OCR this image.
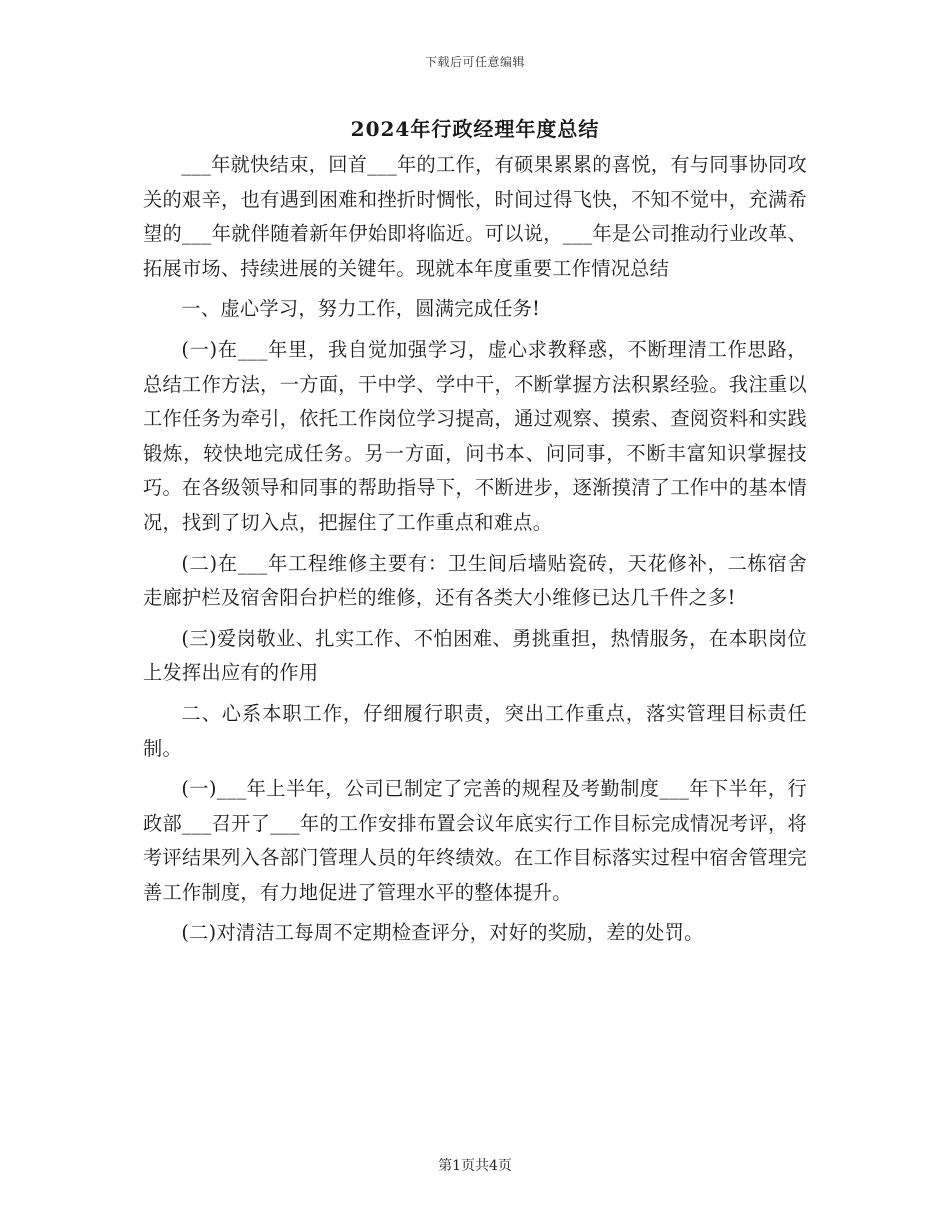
下载后可任意编辑
2024年行政经理年度总结

___年就快结束，回首___年的工作，有硕果累累的喜悦，有与同事协同攻关的艰辛，也有遇到困难和挫折时惆怅，时间过得飞快，不知不觉中，充满希望的___年就伴随着新年伊始即将临近。可以说，___年是公司推动行业改革、拓展市场、持续进展的关键年。现就本年度重要工作情况总结

一、虚心学习，努力工作，圆满完成任务!

(一)在___年里，我自觉加强学习，虚心求教释惑，不断理清工作思路，总结工作方法，一方面，干中学、学中干，不断掌握方法积累经验。我注重以工作任务为牵引，依托工作岗位学习提高，通过观察、摸索、查阅资料和实践锻炼，较快地完成任务。另一方面，问书本、问同事，不断丰富知识掌握技巧。在各级领导和同事的帮助指导下，不断进步，逐渐摸清了工作中的基本情况，找到了切入点，把握住了工作重点和难点。

(二)在___年工程维修主要有：卫生间后墙贴瓷砖，天花修补，二栋宿舍走廊护栏及宿舍阳台护栏的维修，还有各类大小维修已达几千件之多!

(三)爱岗敬业、扎实工作、不怕困难、勇挑重担，热情服务，在本职岗位上发挥出应有的作用

二、心系本职工作，仔细履行职责，突出工作重点，落实管理目标责任制。

(一)___年上半年，公司已制定了完善的规程及考勤制度___年下半年，行政部___召开了___年的工作安排布置会议年底实行工作目标完成情况考评，将考评结果列入各部门管理人员的年终绩效。在工作目标落实过程中宿舍管理完善工作制度，有力地促进了管理水平的整体提升。

(二)对清洁工每周不定期检查评分，对好的奖励，差的处罚。

第1页共4页
